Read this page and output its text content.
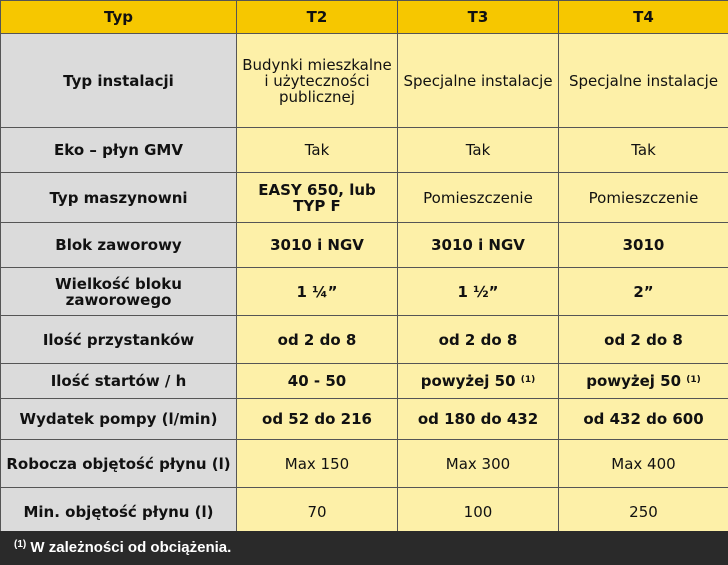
Typ	T2	T3	T4
Typ instalacji	Budynki mieszkalne i użyteczności publicznej	Specjalne instalacje	Specjalne instalacje
Eko – płyn GMV	Tak	Tak	Tak
Typ maszynowni	EASY 650, lub TYP F	Pomieszczenie	Pomieszczenie
Blok zaworowy	3010 i NGV	3010 i NGV	3010
Wielkość bloku zaworowego	1 ¼”	1 ½”	2”
Ilość przystanków	od 2 do 8	od 2 do 8	od 2 do 8
Ilość startów / h	40 - 50	powyżej 50 $^{(1)}$	powyżej 50 $^{(1)}$
Wydatek pompy (l/min)	od 52 do 216	od 180 do 432	od 432 do 600
Robocza objętość płynu (l)	Max 150	Max 300	Max 400
Min. objętość płynu (l)	70	100	250
$^{(1)}$ W zależności od obciążenia.
